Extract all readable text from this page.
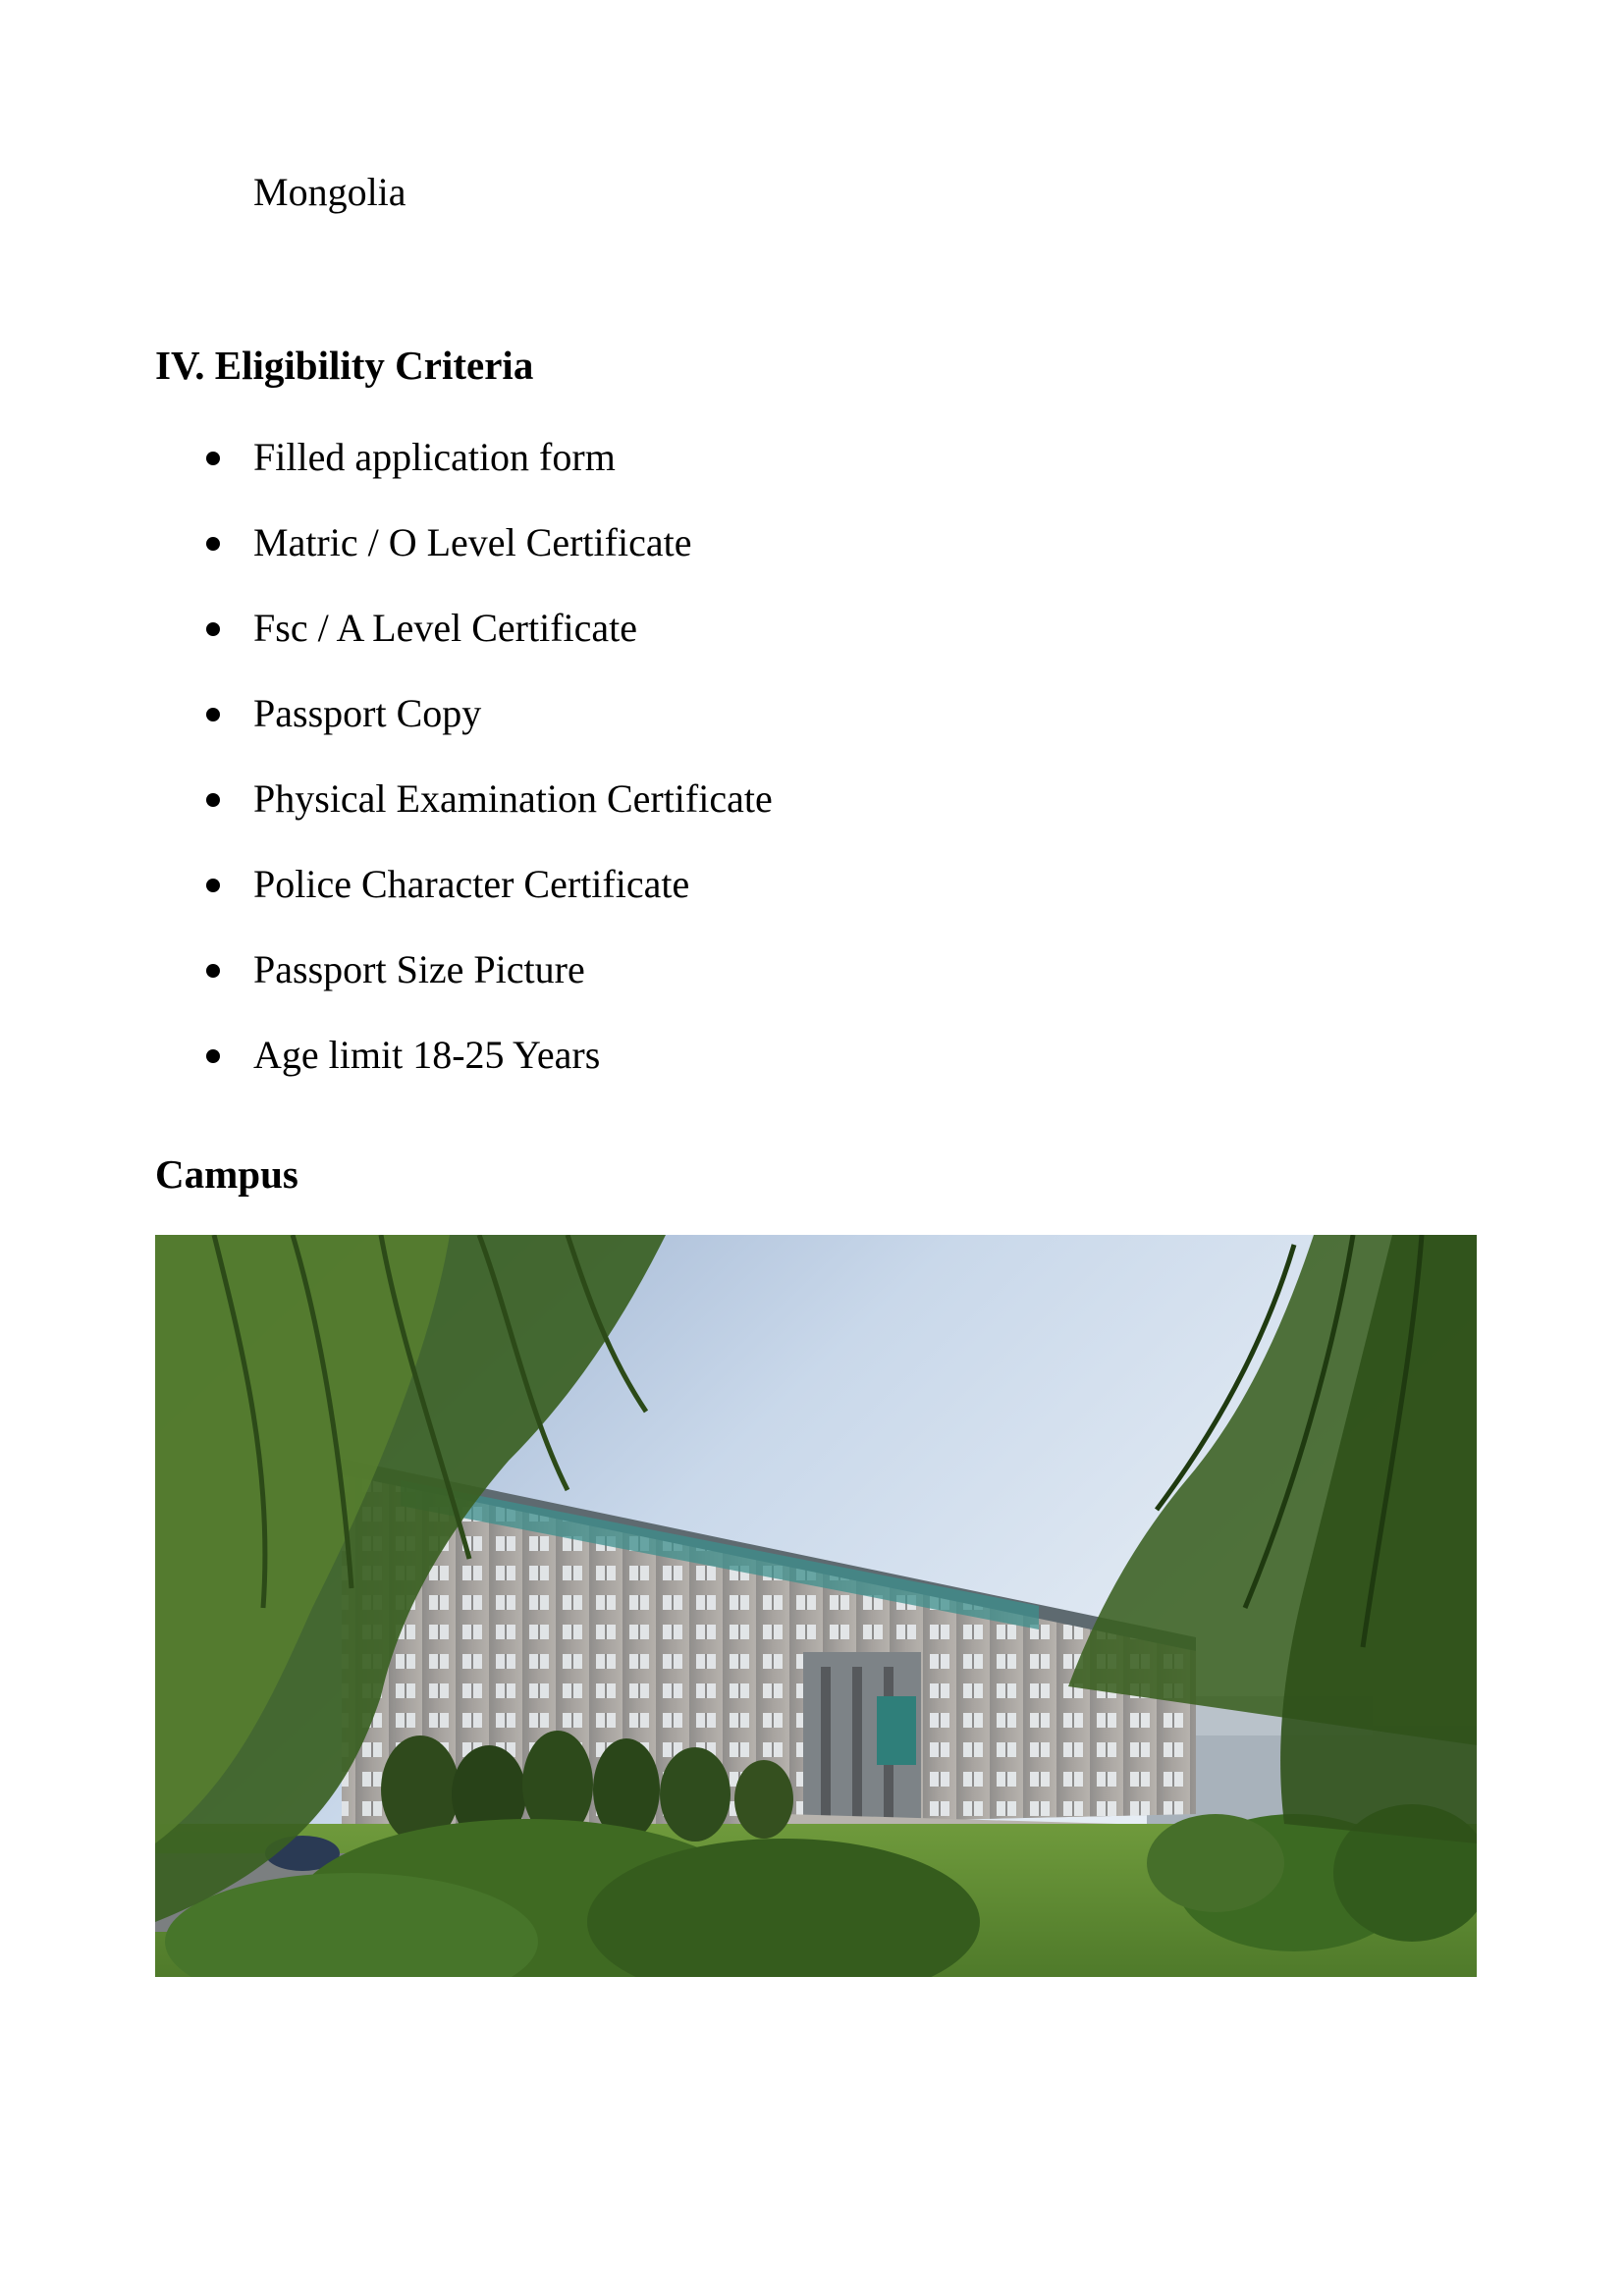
Mongolia
IV. Eligibility Criteria
Filled application form
Matric / O Level Certificate
Fsc / A Level Certificate
Passport Copy
Physical Examination Certificate
Police Character Certificate
Passport Size Picture
Age limit 18-25 Years
Campus
